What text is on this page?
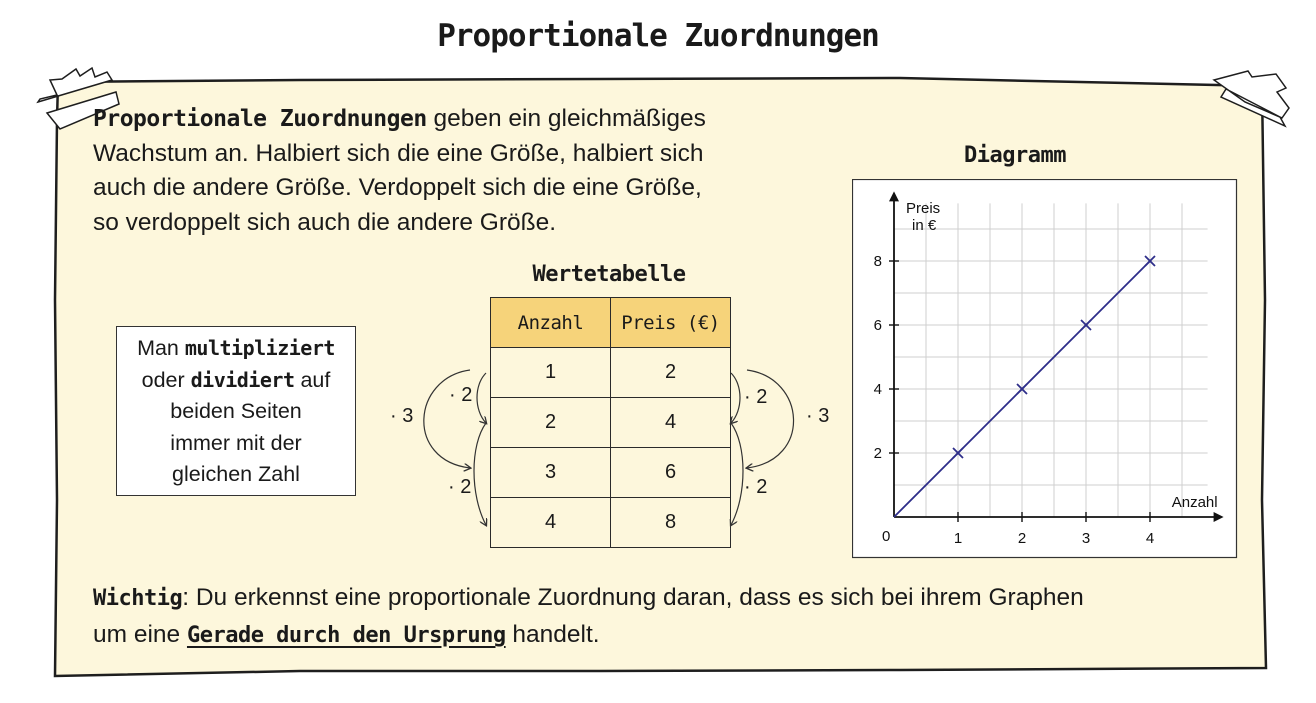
Proportionale Zuordnungen
Proportionale Zuordnungen geben ein gleichmäßiges
Wachstum an. Halbiert sich die eine Größe, halbiert sich
auch die andere Größe. Verdoppelt sich die eine Größe,
so verdoppelt sich auch die andere Größe.
Diagramm
1	2	3	4
2
4
6
8
0
Anzahl
Preis
in €
Wertetabelle
Anzahl	Preis (€)
1	2
2	4
3	6
4	8
· 2
· 3
· 2
· 2
· 3
· 2
Man multipliziert
oder dividiert auf
beiden Seiten
immer mit der
gleichen Zahl
Wichtig: Du erkennst eine proportionale Zuordnung daran, dass es sich bei ihrem Graphen
um eine Gerade durch den Ursprung handelt.
